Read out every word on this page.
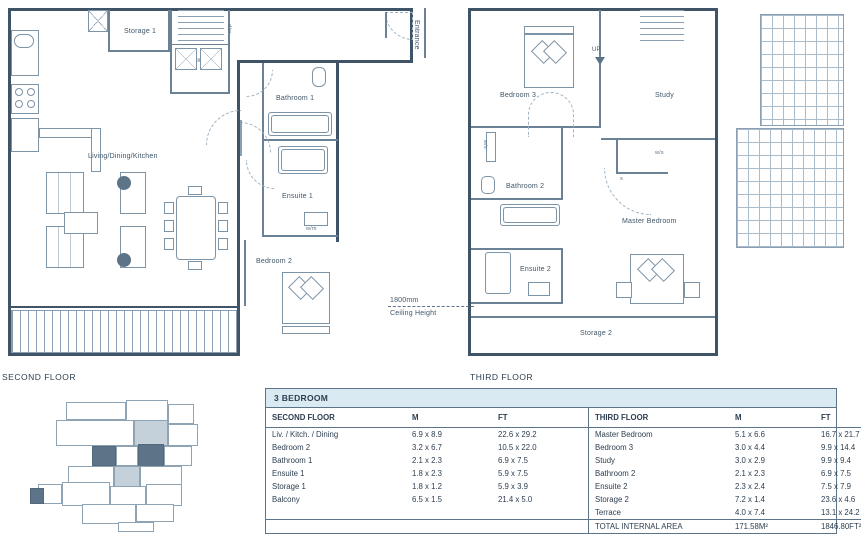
Entrance
Storage 1	d/w
Bathroom 1
Ensuite 1
w/m
Bedroom 2
Living/Dining/Kitchen
SECOND FLOOR
Bedroom 3	Study
UP
w/s
s
Bathroom 2
w/s
Ensuite 2
Master Bedroom
Storage 2
1800mm
Ceiling Height
THIRD FLOOR
3 BEDROOM
SECOND FLOOR	M	FT	THIRD FLOOR	M	FT
Liv. / Kitch. / Dining	6.9 x 8.9	22.6 x 29.2	Master Bedroom	5.1 x 6.6	16.7 x 21.7
Bedroom 2	3.2 x 6.7	10.5 x 22.0	Bedroom 3	3.0 x 4.4	9.9 x 14.4
Bathroom 1	2.1 x 2.3	6.9 x 7.5	Study	3.0 x 2.9	9.9 x 9.4
Ensuite 1	1.8 x 2.3	5.9 x 7.5	Bathroom 2	2.1 x 2.3	6.9 x 7.5
Storage 1	1.8 x 1.2	5.9 x 3.9	Ensuite 2	2.3 x 2.4	7.5 x 7.9
Balcony	6.5 x 1.5	21.4 x 5.0	Storage 2	7.2 x 1.4	23.6 x 4.6
			Terrace	4.0 x 7.4	13.1 x 24.2
			TOTAL INTERNAL AREA	171.58M²	1846.80FT²
